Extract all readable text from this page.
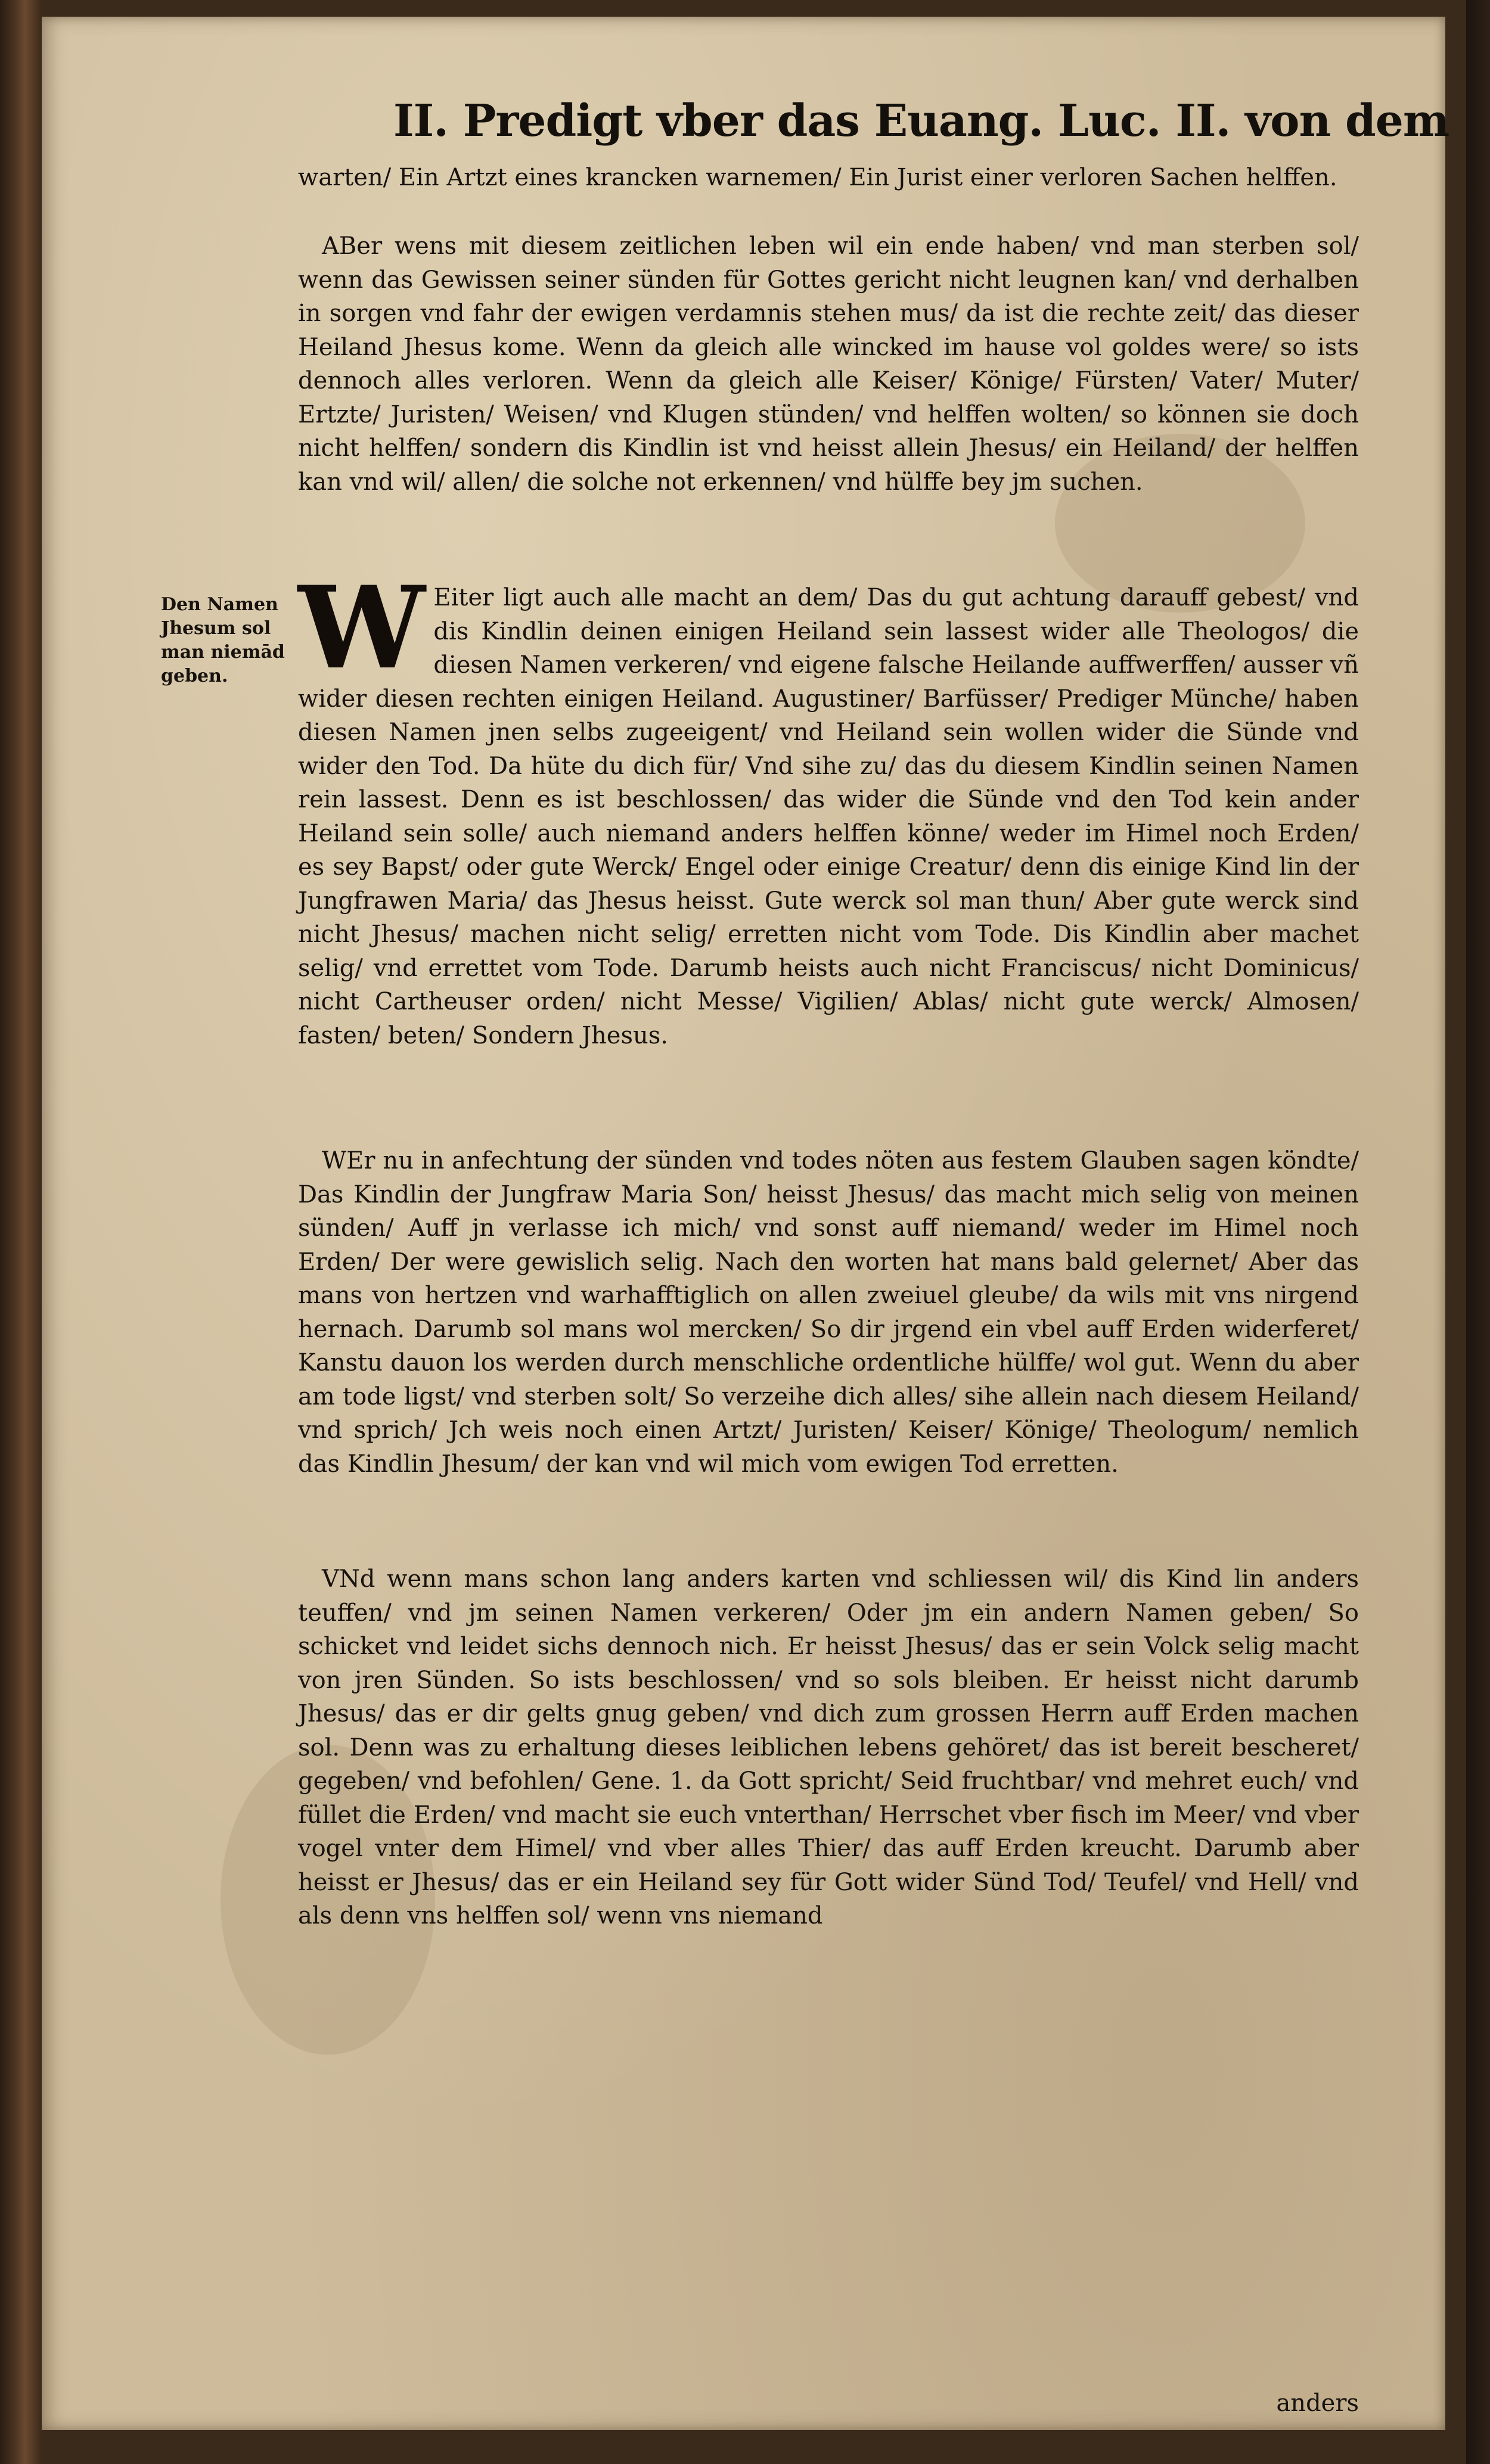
II. Predigt vber das Euang. Luc. II. von dem

warten/ Ein Artzt eines krancken warnemen/ Ein Jurist einer verloren Sachen helffen.

ABer wens mit diesem zeitlichen leben wil ein ende haben/ vnd man sterben sol/ wenn das Gewissen seiner sünden für Gottes gericht nicht leugnen kan/ vnd derhalben in sorgen vnd fahr der ewigen verdamnis stehen mus/ da ist die rechte zeit/ das dieser Heiland Jhesus kome. Wenn da gleich alle wincked im hause vol goldes were/ so ists dennoch alles verloren. Wenn da gleich alle Keiser/ Könige/ Fürsten/ Vater/ Muter/ Ertzte/ Juristen/ Weisen/ vnd Klugen stünden/ vnd helffen wolten/ so können sie doch nicht helffen/ sondern dis Kindlin ist vnd heisst allein Jhesus/ ein Heiland/ der helffen kan vnd wil/ allen/ die solche not erkennen/ vnd hülffe bey jm suchen.

Den Namen Jhesum sol man niemād geben. W Eiter ligt auch alle macht an dem/ Das du gut achtung darauff gebest/ vnd dis Kindlin deinen einigen Heiland sein lassest wider alle Theologos/ die diesen Namen verkeren/ vnd eigene falsche Heilande auffwerffen/ ausser vñ wider diesen rechten einigen Heiland. Augustiner/ Barfüsser/ Prediger Münche/ haben diesen Namen jnen selbs zugeeigent/ vnd Heiland sein wollen wider die Sünde vnd wider den Tod. Da hüte du dich für/ Vnd sihe zu/ das du diesem Kindlin seinen Namen rein lassest. Denn es ist beschlossen/ das wider die Sünde vnd den Tod kein ander Heiland sein solle/ auch niemand anders helffen könne/ weder im Himel noch Erden/ es sey Bapst/ oder gute Werck/ Engel oder einige Creatur/ denn dis einige Kind lin der Jungfrawen Maria/ das Jhesus heisst. Gute werck sol man thun/ Aber gute werck sind nicht Jhesus/ machen nicht selig/ erretten nicht vom Tode. Dis Kindlin aber machet selig/ vnd errettet vom Tode. Darumb heists auch nicht Franciscus/ nicht Dominicus/ nicht Cartheuser orden/ nicht Messe/ Vigilien/ Ablas/ nicht gute werck/ Almosen/ fasten/ beten/ Sondern Jhesus.

WEr nu in anfechtung der sünden vnd todes nöten aus festem Glauben sagen köndte/ Das Kindlin der Jungfraw Maria Son/ heisst Jhesus/ das macht mich selig von meinen sünden/ Auff jn verlasse ich mich/ vnd sonst auff niemand/ weder im Himel noch Erden/ Der were gewislich selig. Nach den worten hat mans bald gelernet/ Aber das mans von hertzen vnd warhafftiglich on allen zweiuel gleube/ da wils mit vns nirgend hernach. Darumb sol mans wol mercken/ So dir jrgend ein vbel auff Erden widerferet/ Kanstu dauon los werden durch menschliche ordentliche hülffe/ wol gut. Wenn du aber am tode ligst/ vnd sterben solt/ So verzeihe dich alles/ sihe allein nach diesem Heiland/ vnd sprich/ Jch weis noch einen Artzt/ Juristen/ Keiser/ Könige/ Theologum/ nemlich das Kindlin Jhesum/ der kan vnd wil mich vom ewigen Tod erretten.

VNd wenn mans schon lang anders karten vnd schliessen wil/ dis Kind lin anders teuffen/ vnd jm seinen Namen verkeren/ Oder jm ein andern Namen geben/ So schicket vnd leidet sichs dennoch nich. Er heisst Jhesus/ das er sein Volck selig macht von jren Sünden. So ists beschlossen/ vnd so sols bleiben. Er heisst nicht darumb Jhesus/ das er dir gelts gnug geben/ vnd dich zum grossen Herrn auff Erden machen sol. Denn was zu erhaltung dieses leiblichen lebens gehöret/ das ist bereit bescheret/ gegeben/ vnd befohlen/ Gene. 1. da Gott spricht/ Seid fruchtbar/ vnd mehret euch/ vnd füllet die Erden/ vnd macht sie euch vnterthan/ Herrschet vber fisch im Meer/ vnd vber vogel vnter dem Himel/ vnd vber alles Thier/ das auff Erden kreucht. Darumb aber heisst er Jhesus/ das er ein Heiland sey für Gott wider Sünd Tod/ Teufel/ vnd Hell/ vnd als denn vns helffen sol/ wenn vns niemand

anders
